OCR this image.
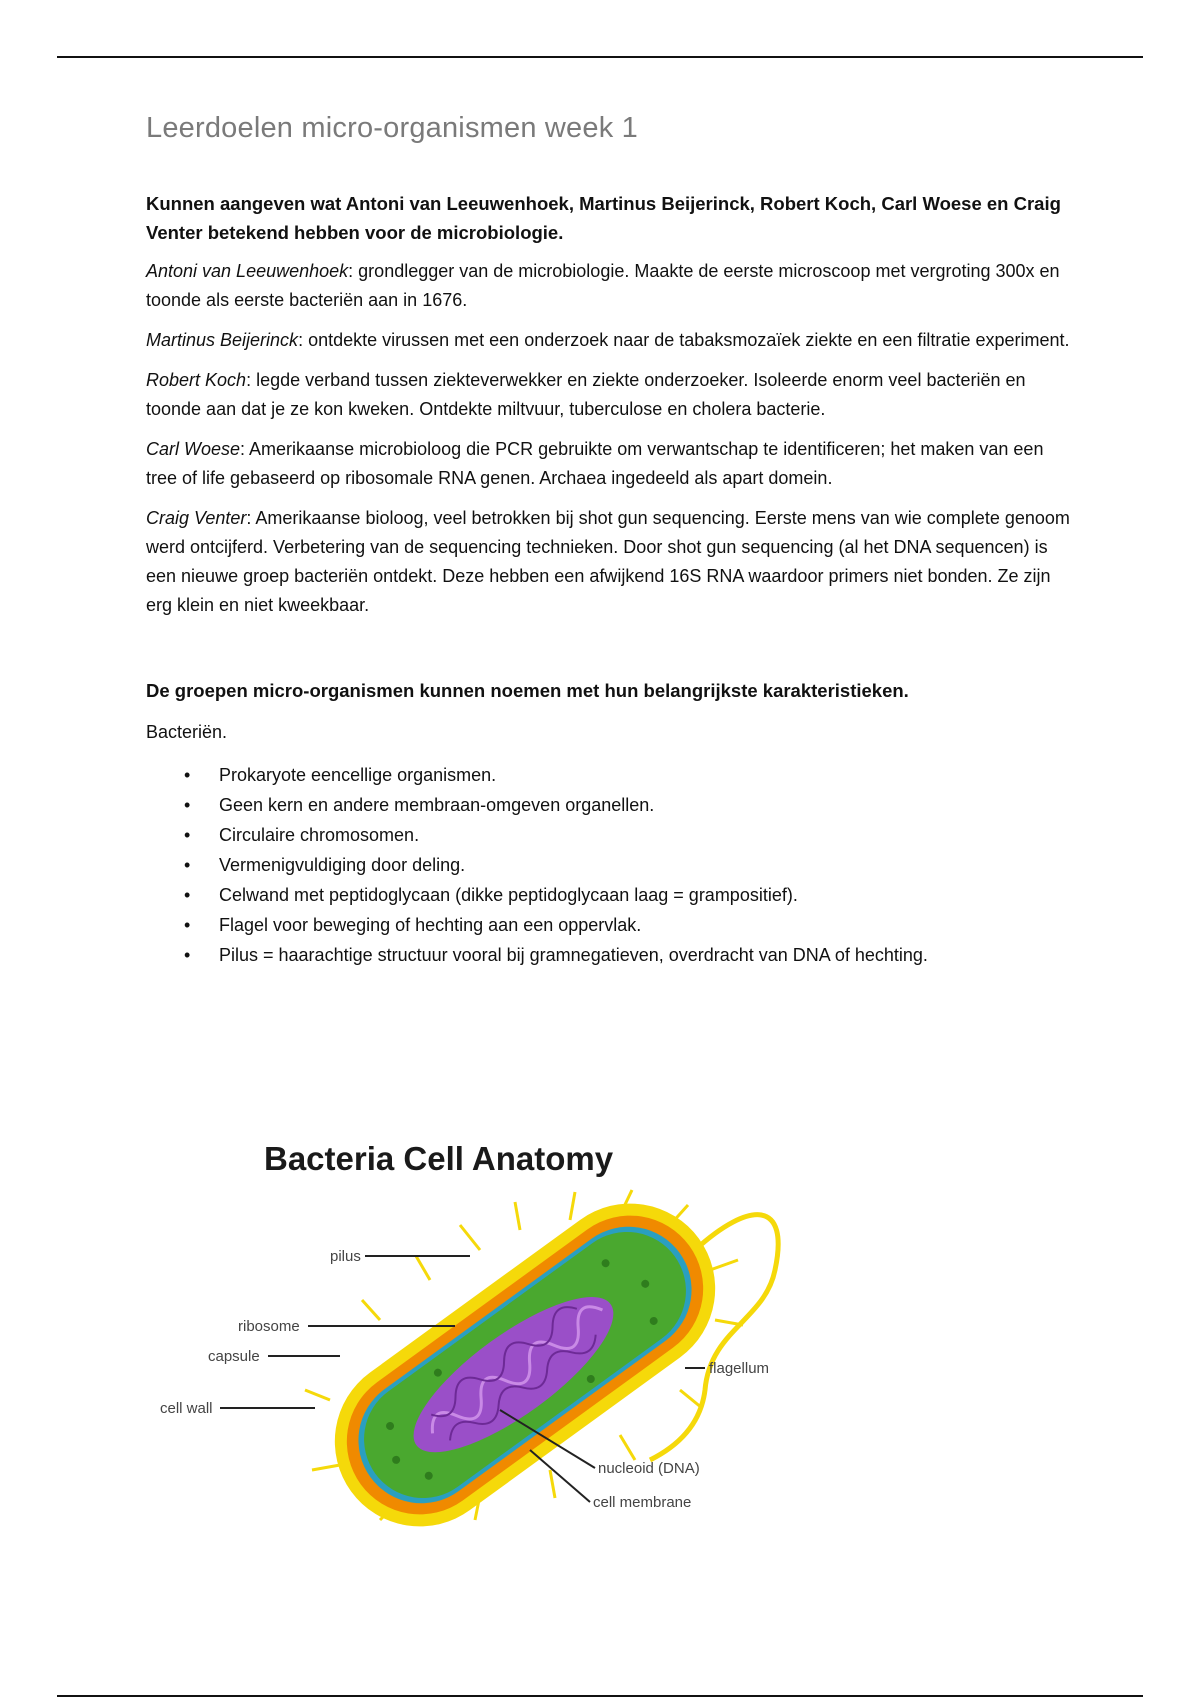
Leerdoelen micro-organismen week 1
Kunnen aangeven wat Antoni van Leeuwenhoek, Martinus Beijerinck, Robert Koch, Carl Woese en Craig Venter betekend hebben voor de microbiologie.

Antoni van Leeuwenhoek: grondlegger van de microbiologie. Maakte de eerste microscoop met vergroting 300x en toonde als eerste bacteriën aan in 1676.

Martinus Beijerinck: ontdekte virussen met een onderzoek naar de tabaksmozaïek ziekte en een filtratie experiment.

Robert Koch: legde verband tussen ziekteverwekker en ziekte onderzoeker. Isoleerde enorm veel bacteriën en toonde aan dat je ze kon kweken. Ontdekte miltvuur, tuberculose en cholera bacterie.

Carl Woese: Amerikaanse microbioloog die PCR gebruikte om verwantschap te identificeren; het maken van een tree of life gebaseerd op ribosomale RNA genen. Archaea ingedeeld als apart domein.

Craig Venter: Amerikaanse bioloog, veel betrokken bij shot gun sequencing. Eerste mens van wie complete genoom werd ontcijferd. Verbetering van de sequencing technieken. Door shot gun sequencing (al het DNA sequencen) is een nieuwe groep bacteriën ontdekt. Deze hebben een afwijkend 16S RNA waardoor primers niet bonden. Ze zijn erg klein en niet kweekbaar.

De groepen micro-organismen kunnen noemen met hun belangrijkste karakteristieken.

Bacteriën.

• Prokaryote eencellige organismen.
• Geen kern en andere membraan-omgeven organellen.
• Circulaire chromosomen.
• Vermenigvuldiging door deling.
• Celwand met peptidoglycaan (dikke peptidoglycaan laag = grampositief).
• Flagel voor beweging of hechting aan een oppervlak.
• Pilus = haarachtige structuur vooral bij gramnegatieven, overdracht van DNA of hechting.
Bacteria Cell Anatomy
pilus
ribosome
capsule
cell wall
flagellum
nucleoid (DNA)
cell membrane
